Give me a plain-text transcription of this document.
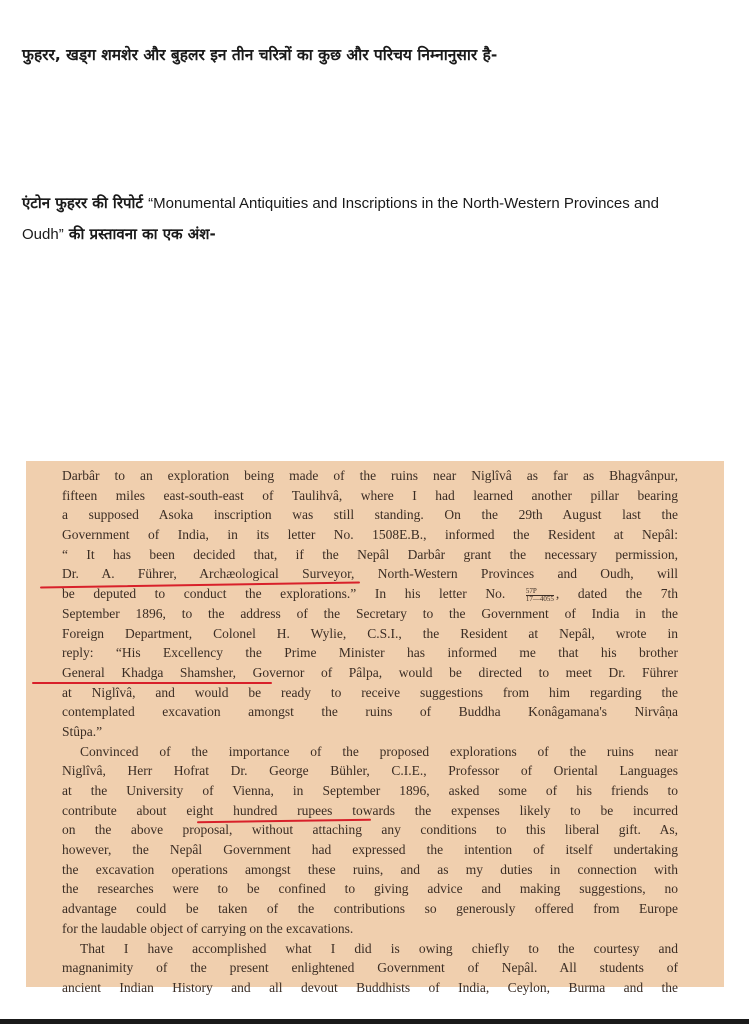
फुहरर, खड्ग शमशेर और बुहलर इन तीन चरित्रों का कुछ और परिचय निम्नानुसार है-
एंटोन फुहरर की रिपोर्ट “Monumental Antiquities and Inscriptions in the North-Western Provinces and
Oudh” की प्रस्तावना का एक अंश-
Darbâr to an exploration being made of the ruins near Niglîvâ as far as Bhagvânpur,
fifteen miles east-south-east of Taulihvâ, where I had learned another pillar bearing
a supposed Asoka inscription was still standing. On the 29th August last the
Government of India, in its letter No. 1508E.B., informed the Resident at Nepâl:
“ It has been decided that, if the Nepâl Darbâr grant the necessary permission,
Dr. A. Führer, Archæological Surveyor, North-Western Provinces and Oudh, will
be deputed to conduct the explorations.” In his letter No.	$\frac{57P}{17—4055}$ , dated the 7th
September 1896, to the address of the Secretary to the Government of India in the
Foreign Department, Colonel H. Wylie, C.S.I., the Resident at Nepâl, wrote in
reply: “His Excellency the Prime Minister has informed me that his brother
General Khadga Shamsher, Governor of Pâlpa, would be directed to meet Dr. Führer
at Niglîvâ, and would be ready to receive suggestions from him regarding the
contemplated excavation amongst the ruins of Buddha Konâgamana's Nirvâṇa
Stûpa.”
Convinced of the importance of the proposed explorations of the ruins near
Niglîvâ, Herr Hofrat Dr. George Bühler, C.I.E., Professor of Oriental Languages
at the University of Vienna, in September 1896, asked some of his friends to
contribute about eight hundred rupees towards the expenses likely to be incurred
on the above proposal, without attaching any conditions to this liberal gift. As,
however, the Nepâl Government had expressed the intention of itself undertaking
the excavation operations amongst these ruins, and as my duties in connection with
the researches were to be confined to giving advice and making suggestions, no
advantage could be taken of the contributions so generously offered from Europe
for the laudable object of carrying on the excavations.
That I have accomplished what I did is owing chiefly to the courtesy and
magnanimity of the present enlightened Government of Nepâl. All students of
ancient Indian History and all devout Buddhists of India, Ceylon, Burma and the
